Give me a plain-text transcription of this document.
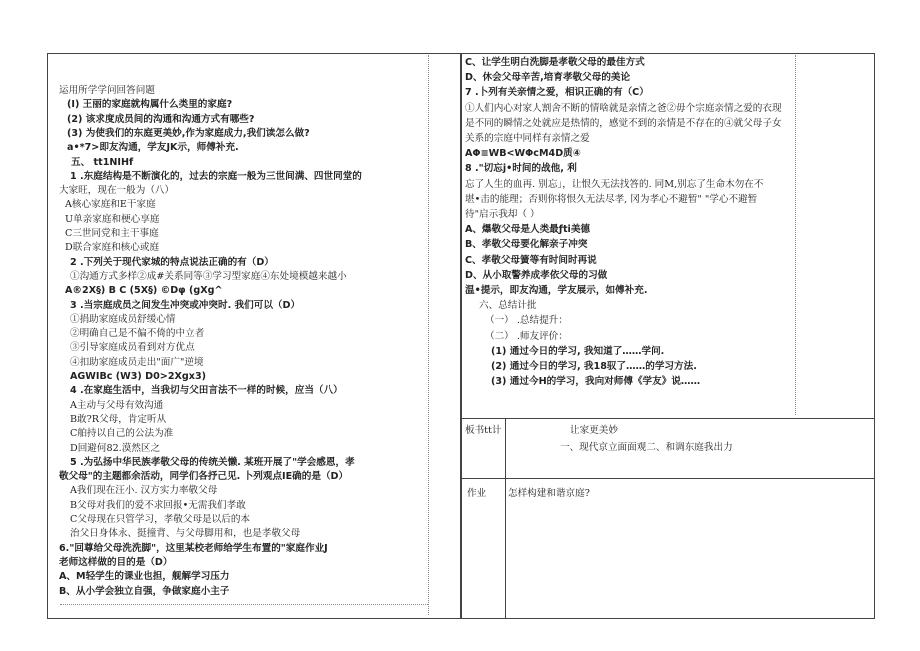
运用所学学问回答问题
(I) 王丽的家庭就构属什么类里的家庭?
(2) 该求度成员间的沟通和沟通方式有哪些?
(3) 为使我们的东庭更美妙,作为家庭成力,我们读怎么做?
a•*7>即友沟通，学友JK示，师傅补充.
五、 tt1NIHf
1 .东庭结构是不断演化的，过去的宗庭一般为三世间满、四世同堂的
大家旺，现在一般为（八）
A核心家庭和E干家庭
U单亲家庭和梗心享庭
C三世同党和主干事庭
D联合家庭和核心或庭
2 .下列关于现代家城的特点说法正确的有（D）
①沟通方式多样②成#关系同等③学习型家庭④东处境模越来越小
A®2X§) B C (5X§) ©Dφ (gXg^
3 .当宗庭成员之间发生冲突或冲突时. 我们可以（D）
①捐助家庭成员舒缓心情
②明确自己是不偏不倚的中立者
③引导家庭成员看到对方优点
④扣助家庭成员走出"面广"逆境
AGWIBc (W3) D0>2Xgx3)
4 .在家庭生活中，当我切与父田言法不一样的时候，应当（八）
A主动与父母有效沟通
B敢?R父母，肯定听从
C舶持以自己的公法为准
D回避何82.漠然区之
5 .为弘扬中华民族孝敬父母的传统关懒. 某班开展了"学会感恩，孝
敬父母"的主题都余活动，同学们各抒己见. 卜列观点IE确的是（D）
A我们现在汪小. 汉方实力率敬父母
B父母对我们的爱不求回报•无需我们孝敢
C父母现在只管学习，孝敬父母是以后的本
治父日身体永、挺撞背、与父母脚用和，也是孝敬父母
6."回尊给父母洗洗脚"，这里某校老师给学生布置的"家庭作业J
老师这样做的目的是（D）
A、M轻学生的课业也担，舰解学习压力
B、从小学会独立自强，争做家庭小主子
C、让学生明白洗脚是孝敬父母的最佳方式
D、休会父母辛苦,培育孝敬父母的美论
7 .卜列有关亲情之爱，相识正确的有（C）
①人们内心对家人割舍不断的情啥就是亲情之爸②毋个宗庭亲情之爱的衣现
是不同的瞬情之处就应是热情的，感觉不到的亲情是不存在的④就父母子女
关系的宗庭中同样有亲情之爱
AΦ≡WB<WΦcM4D质④
8 ."切忘j•时间的战他, 利
忘了人生的血再. 别忘」，让恨久无法找答的. 同M,别忘了生命木勿在不
堪•击的能理；否则你将恨久无法尽孝, 冈为孝心不避暂" "学心不避暂
待"启示我却（ ）
A、爆敬父母是人类最ƒti美德
B、孝敬父母要化解亲子冲突
C、孝敬父母簧等有时间时再说
D、从小取警养成孝依父母的习做
温•提示，即友沟通，学友展示，如傅补充.
六、总结计批
（一） .总结提升：
（二） .师友评价：
(1) 通过今日的学习, 我知道了……学问.
(2) 通过今日的学习, 我18驭了……的学习方法.
(3) 通过今H的学习，我向对师傅《学友》说……
板书tt计	让家更美妙
一、现代京立面面观二、和调东庭我出力
作业 怎样构建和谐京庭?
